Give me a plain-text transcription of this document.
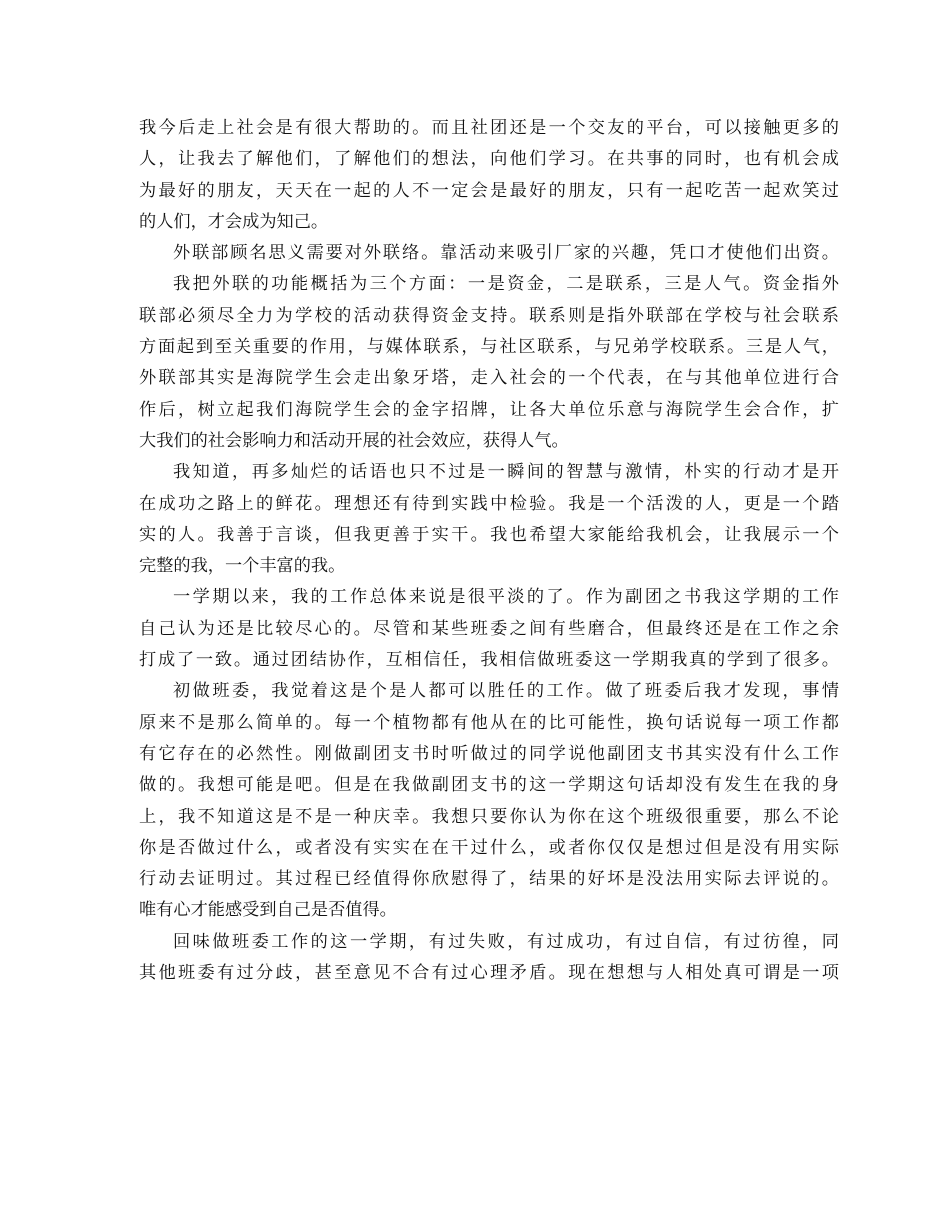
我今后走上社会是有很大帮助的。而且社团还是一个交友的平台，可以接触更多的
人，让我去了解他们，了解他们的想法，向他们学习。在共事的同时，也有机会成
为最好的朋友，天天在一起的人不一定会是最好的朋友，只有一起吃苦一起欢笑过
的人们，才会成为知己。
外联部顾名思义需要对外联络。靠活动来吸引厂家的兴趣，凭口才使他们出资。
我把外联的功能概括为三个方面：一是资金，二是联系，三是人气。资金指外
联部必须尽全力为学校的活动获得资金支持。联系则是指外联部在学校与社会联系
方面起到至关重要的作用，与媒体联系，与社区联系，与兄弟学校联系。三是人气，
外联部其实是海院学生会走出象牙塔，走入社会的一个代表，在与其他单位进行合
作后，树立起我们海院学生会的金字招牌，让各大单位乐意与海院学生会合作，扩
大我们的社会影响力和活动开展的社会效应，获得人气。
我知道，再多灿烂的话语也只不过是一瞬间的智慧与激情，朴实的行动才是开
在成功之路上的鲜花。理想还有待到实践中检验。我是一个活泼的人，更是一个踏
实的人。我善于言谈，但我更善于实干。我也希望大家能给我机会，让我展示一个
完整的我，一个丰富的我。
一学期以来，我的工作总体来说是很平淡的了。作为副团之书我这学期的工作
自己认为还是比较尽心的。尽管和某些班委之间有些磨合，但最终还是在工作之余
打成了一致。通过团结协作，互相信任，我相信做班委这一学期我真的学到了很多。
初做班委，我觉着这是个是人都可以胜任的工作。做了班委后我才发现，事情
原来不是那么简单的。每一个植物都有他从在的比可能性，换句话说每一项工作都
有它存在的必然性。刚做副团支书时听做过的同学说他副团支书其实没有什么工作
做的。我想可能是吧。但是在我做副团支书的这一学期这句话却没有发生在我的身
上，我不知道这是不是一种庆幸。我想只要你认为你在这个班级很重要，那么不论
你是否做过什么，或者没有实实在在干过什么，或者你仅仅是想过但是没有用实际
行动去证明过。其过程已经值得你欣慰得了，结果的好坏是没法用实际去评说的。
唯有心才能感受到自己是否值得。
回味做班委工作的这一学期，有过失败，有过成功，有过自信，有过彷徨，同
其他班委有过分歧，甚至意见不合有过心理矛盾。现在想想与人相处真可谓是一项
